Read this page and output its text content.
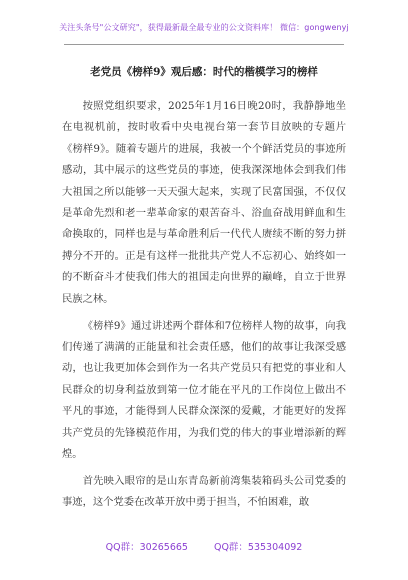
关注头条号"公文研究"，获得最新最全最专业的公文资料库！ 微信：gongwenyj
老党员《榜样9》观后感：时代的楷模学习的榜样

按照党组织要求，2025年1月16日晚20时，我静静地坐在电视机前，按时收看中央电视台第一套节目放映的专题片《榜样9》。随着专题片的进展，我被一个个鲜活党员的事迹所感动，其中展示的这些党员的事迹，使我深深地体会到我们伟大祖国之所以能够一天天强大起来，实现了民富国强，不仅仅是革命先烈和老一辈革命家的艰苦奋斗、浴血奋战用鲜血和生命换取的，同样也是与革命胜利后一代代人赓续不断的努力拼搏分不开的。正是有这样一批批共产党人不忘初心、始终如一的不断奋斗才使我们伟大的祖国走向世界的巅峰，自立于世界民族之林。

《榜样9》通过讲述两个群体和7位榜样人物的故事，向我们传递了满满的正能量和社会责任感，他们的故事让我深受感动，也让我更加体会到作为一名共产党员只有把党的事业和人民群众的切身利益放到第一位才能在平凡的工作岗位上做出不平凡的事迹，才能得到人民群众深深的爱戴，才能更好的发挥共产党员的先锋模范作用，为我们党的伟大的事业增添新的辉煌。

首先映入眼帘的是山东青岛新前湾集装箱码头公司党委的事迹，这个党委在改革开放中勇于担当，不怕困难，敢

QQ群：30265665	QQ群：535304092
